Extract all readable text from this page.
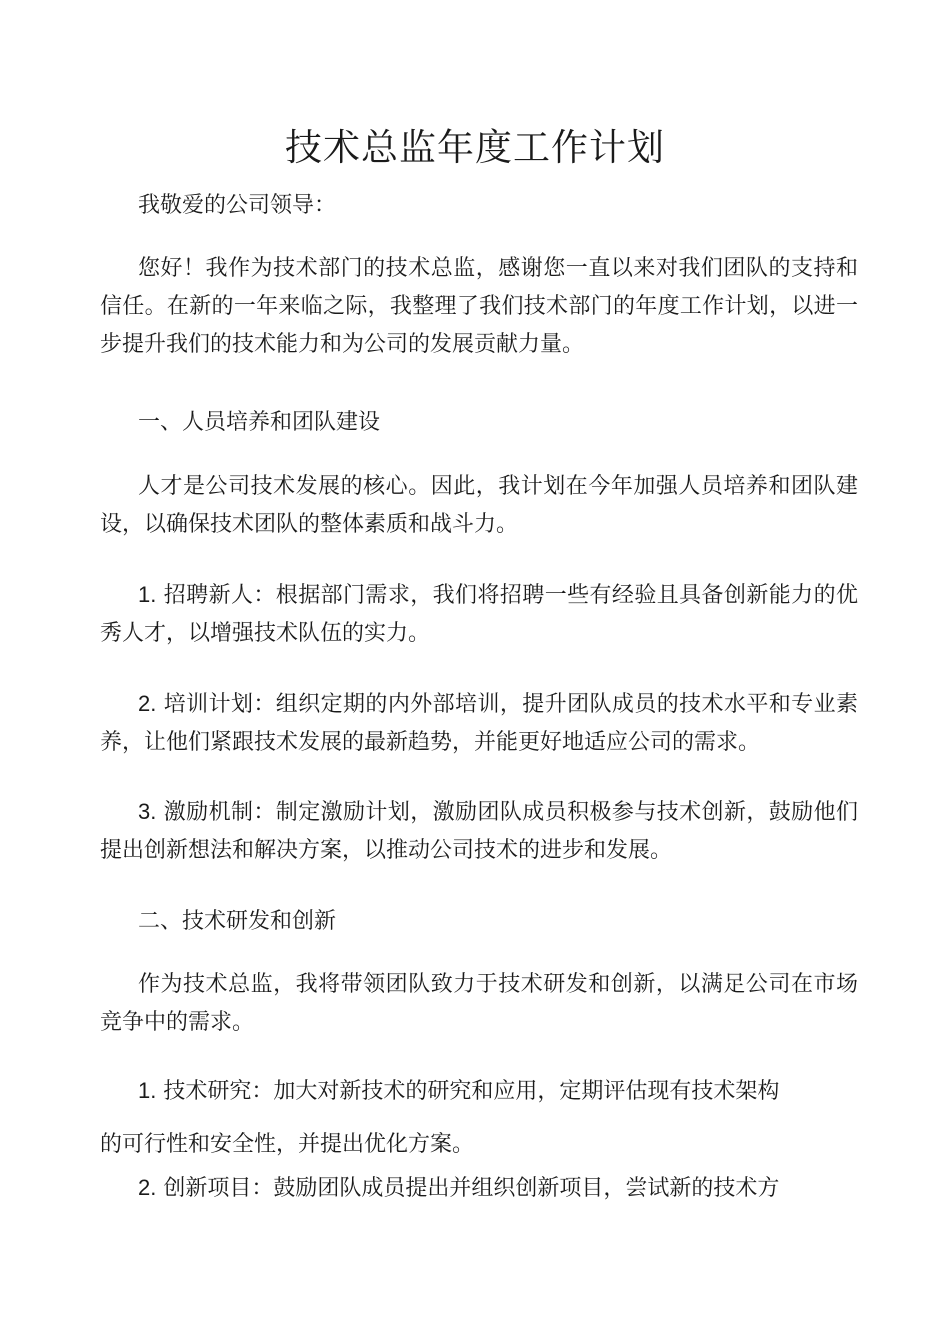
技术总监年度工作计划

我敬爱的公司领导：

您好！我作为技术部门的技术总监，感谢您一直以来对我们团队的支持和信任。在新的一年来临之际，我整理了我们技术部门的年度工作计划，以进一步提升我们的技术能力和为公司的发展贡献力量。

一、人员培养和团队建设

人才是公司技术发展的核心。因此，我计划在今年加强人员培养和团队建设，以确保技术团队的整体素质和战斗力。

1. 招聘新人：根据部门需求，我们将招聘一些有经验且具备创新能力的优秀人才，以增强技术队伍的实力。

2. 培训计划：组织定期的内外部培训，提升团队成员的技术水平和专业素养，让他们紧跟技术发展的最新趋势，并能更好地适应公司的需求。

3. 激励机制：制定激励计划，激励团队成员积极参与技术创新，鼓励他们提出创新想法和解决方案，以推动公司技术的进步和发展。

二、技术研发和创新

作为技术总监，我将带领团队致力于技术研发和创新，以满足公司在市场竞争中的需求。

1. 技术研究：加大对新技术的研究和应用，定期评估现有技术架构

的可行性和安全性，并提出优化方案。

2. 创新项目：鼓励团队成员提出并组织创新项目，尝试新的技术方
